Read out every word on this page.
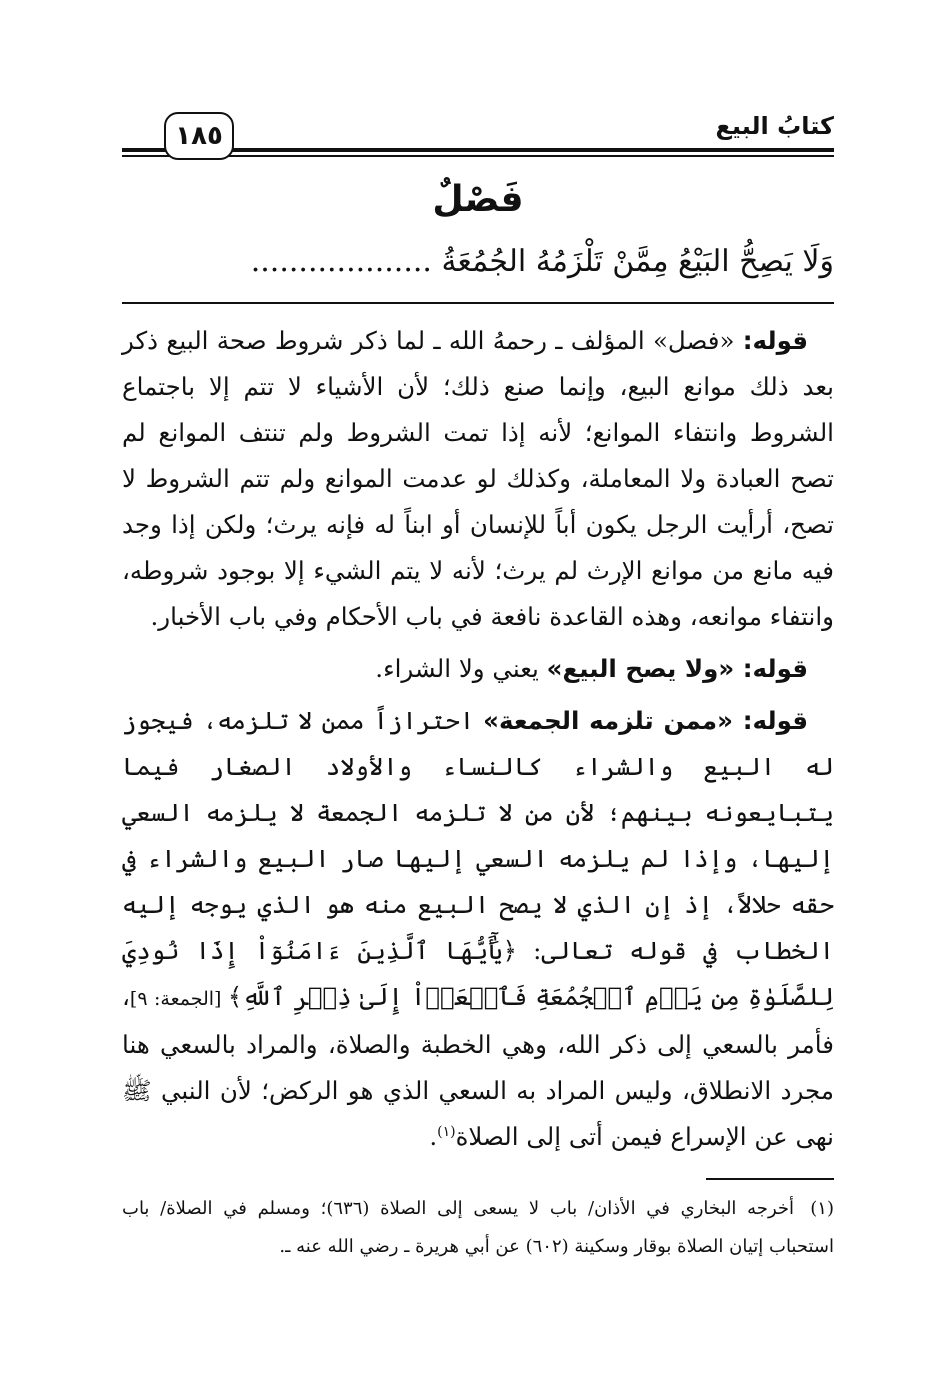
كتابُ البيع
١٨٥
فَصْلٌ
وَلَا يَصِحُّ البَيْعُ مِمَّنْ تَلْزَمُهُ الجُمُعَةُ ...................

قوله: «فصل» المؤلف ـ رحمهُ الله ـ لما ذكر شروط صحة البيع ذكر بعد ذلك موانع البيع، وإنما صنع ذلك؛ لأن الأشياء لا تتم إلا باجتماع الشروط وانتفاء الموانع؛ لأنه إذا تمت الشروط ولم تنتف الموانع لم تصح العبادة ولا المعاملة، وكذلك لو عدمت الموانع ولم تتم الشروط لا تصح، أرأيت الرجل يكون أباً للإنسان أو ابناً له فإنه يرث؛ ولكن إذا وجد فيه مانع من موانع الإرث لم يرث؛ لأنه لا يتم الشيء إلا بوجود شروطه، وانتفاء موانعه، وهذه القاعدة نافعة في باب الأحكام وفي باب الأخبار.

قوله: «ولا يصح البيع» يعني ولا الشراء.

قوله: «ممن تلزمه الجمعة» احترازاً ممن لا تلزمه، فيجوز له البيع والشراء كالنساء والأولاد الصغار فيما يتبايعونه بينهم؛ لأن من لا تلزمه الجمعة لا يلزمه السعي إليها، وإذا لم يلزمه السعي إليها صار البيع والشراء في حقه حلالاً، إذ إن الذي لا يصح البيع منه هو الذي يوجه إليه الخطاب في قوله تعالى: ﴿يَٰٓأَيُّهَا ٱلَّذِينَ ءَامَنُوٓاْ إِذَا نُودِيَ لِلصَّلَوٰةِ مِن يَوۡمِ ٱلۡجُمُعَةِ فَٱسۡعَوۡاْ إِلَىٰ ذِكۡرِ ٱللَّهِ﴾ [الجمعة: ٩]، فأمر بالسعي إلى ذكر الله، وهي الخطبة والصلاة، والمراد بالسعي هنا مجرد الانطلاق، وليس المراد به السعي الذي هو الركض؛ لأن النبي ﷺ نهى عن الإسراع فيمن أتى إلى الصلاة$^{(١)}$.

(١)أخرجه البخاري في الأذان/ باب لا يسعى إلى الصلاة (٦٣٦)؛ ومسلم في الصلاة/ باب استحباب إتيان الصلاة بوقار وسكينة (٦٠٢) عن أبي هريرة ـ رضي الله عنه ـ.
